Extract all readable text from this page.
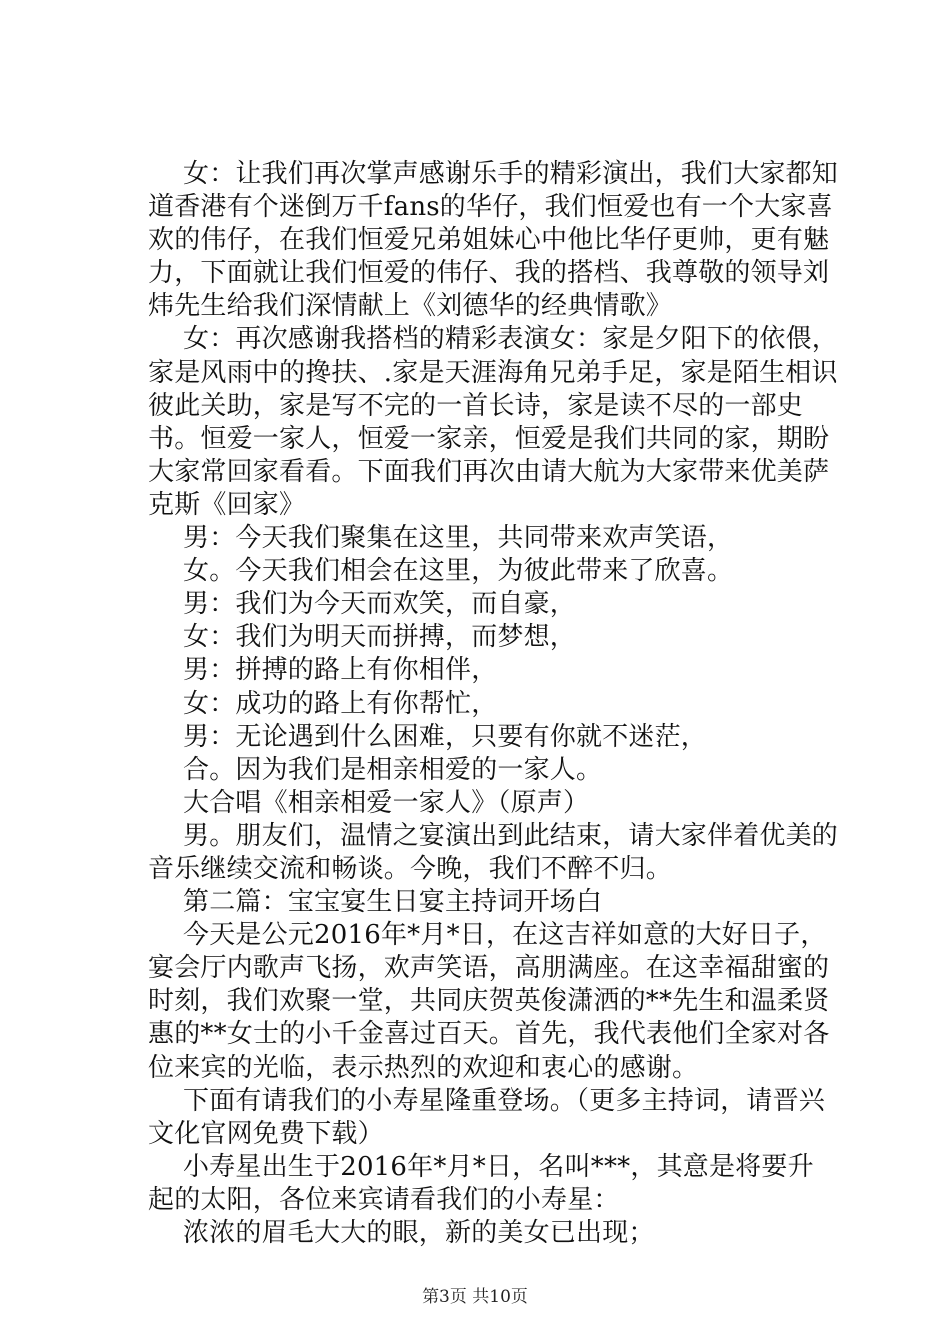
女：让我们再次掌声感谢乐手的精彩演出，我们大家都知道香港有个迷倒万千fans的华仔，我们恒爱也有一个大家喜欢的伟仔，在我们恒爱兄弟姐妹心中他比华仔更帅，更有魅力，下面就让我们恒爱的伟仔、我的搭档、我尊敬的领导刘炜先生给我们深情献上《刘德华的经典情歌》

女：再次感谢我搭档的精彩表演女：家是夕阳下的依偎，家是风雨中的搀扶、.家是天涯海角兄弟手足，家是陌生相识彼此关助，家是写不完的一首长诗，家是读不尽的一部史书。恒爱一家人，恒爱一家亲，恒爱是我们共同的家，期盼大家常回家看看。下面我们再次由请大航为大家带来优美萨克斯《回家》

男：今天我们聚集在这里，共同带来欢声笑语，

女。今天我们相会在这里，为彼此带来了欣喜。

男：我们为今天而欢笑，而自豪，

女：我们为明天而拼搏，而梦想，

男：拼搏的路上有你相伴，

女：成功的路上有你帮忙，

男：无论遇到什么困难，只要有你就不迷茫，

合。因为我们是相亲相爱的一家人。

大合唱《相亲相爱一家人》（原声）

男。朋友们，温情之宴演出到此结束，请大家伴着优美的音乐继续交流和畅谈。今晚，我们不醉不归。

第二篇：宝宝宴生日宴主持词开场白

今天是公元2016年*月*日，在这吉祥如意的大好日子，宴会厅内歌声飞扬，欢声笑语，高朋满座。在这幸福甜蜜的时刻，我们欢聚一堂，共同庆贺英俊潇洒的**先生和温柔贤惠的**女士的小千金喜过百天。首先，我代表他们全家对各位来宾的光临，表示热烈的欢迎和衷心的感谢。

下面有请我们的小寿星隆重登场。（更多主持词，请晋兴文化官网免费下载）

小寿星出生于2016年*月*日，名叫***，其意是将要升起的太阳，各位来宾请看我们的小寿星：

浓浓的眉毛大大的眼，新的美女已出现；

第3页 共10页
